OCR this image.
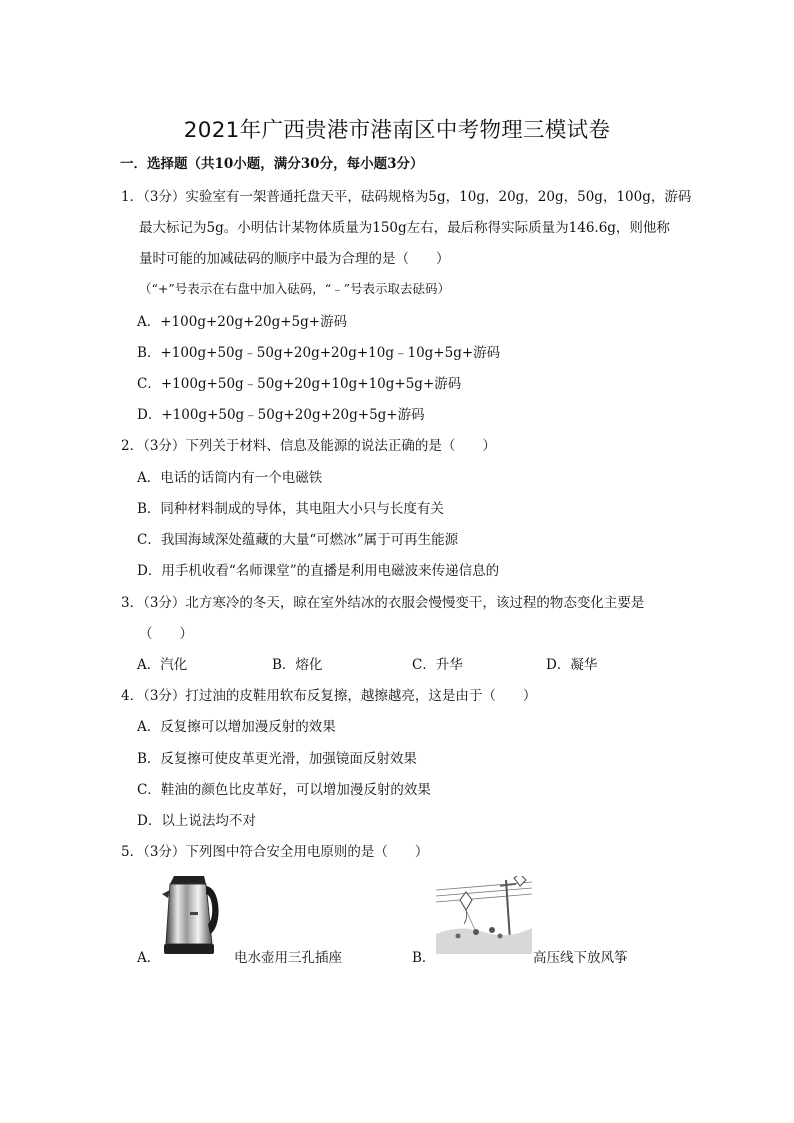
2021年广西贵港市港南区中考物理三模试卷
一．选择题（共10小题，满分30分，每小题3分）
1．（3分）实验室有一架普通托盘天平，砝码规格为5g，10g，20g，20g，50g，100g，游码
最大标记为5g。小明估计某物体质量为150g左右，最后称得实际质量为146.6g，则他称
量时可能的加减砝码的顺序中最为合理的是（　　）
（“+”号表示在右盘中加入砝码，“﹣”号表示取去砝码）
A．+100g+20g+20g+5g+游码
B．+100g+50g﹣50g+20g+20g+10g﹣10g+5g+游码
C．+100g+50g﹣50g+20g+10g+10g+5g+游码
D．+100g+50g﹣50g+20g+20g+5g+游码
2．（3分）下列关于材料、信息及能源的说法正确的是（　　）
A．电话的话筒内有一个电磁铁
B．同种材料制成的导体，其电阻大小只与长度有关
C．我国海域深处蕴藏的大量“可燃冰”属于可再生能源
D．用手机收看“名师课堂”的直播是利用电磁波来传递信息的
3．（3分）北方寒冷的冬天，晾在室外结冰的衣服会慢慢变干，该过程的物态变化主要是
（　　）
A．汽化	B．熔化	C．升华	D．凝华
4．（3分）打过油的皮鞋用软布反复擦，越擦越亮，这是由于（　　）
A．反复擦可以增加漫反射的效果
B．反复擦可使皮革更光滑，加强镜面反射效果
C．鞋油的颜色比皮革好，可以增加漫反射的效果
D．以上说法均不对
5．（3分）下列图中符合安全用电原则的是（　　）
A．	电水壶用三孔插座	B．	高压线下放风筝
